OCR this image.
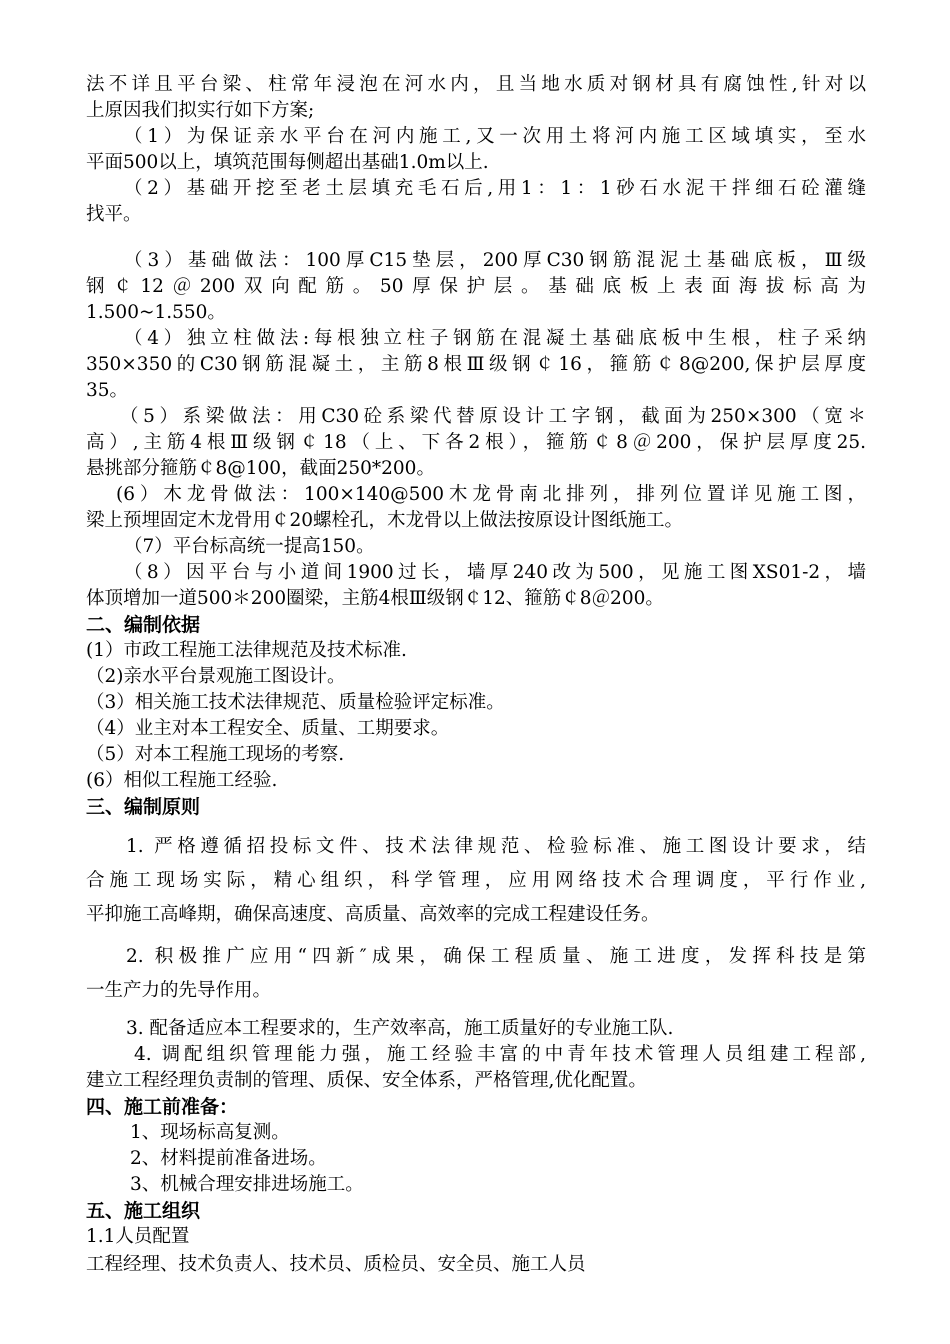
法不详且平台梁、柱常年浸泡在河水内，且当地水质对钢材具有腐蚀性,针对以
上原因我们拟实行如下方案;
（1）为保证亲水平台在河内施工,又一次用土将河内施工区域填实，至水
平面500以上，填筑范围每侧超出基础1.0m以上.
（2）基础开挖至老土层填充毛石后,用1：1：1砂石水泥干拌细石砼灌缝
找平。
（3）基础做法：100厚C15垫层，200厚C30钢筋混泥土基础底板，Ⅲ级
钢￠12＠200双向配筋。50厚保护层。基础底板上表面海拔标高为
1.500~1.550。
（4）独立柱做法:每根独立柱子钢筋在混凝土基础底板中生根，柱子采纳
350×350的C30钢筋混凝土，主筋8根Ⅲ级钢￠16，箍筋￠8@200,保护层厚度
35。
（5）系梁做法：用C30砼系梁代替原设计工字钢，截面为250×300（宽＊
高）,主筋4根Ⅲ级钢￠18（上、下各2根），箍筋￠8＠200，保护层厚度25.
悬挑部分箍筋￠8@100，截面250*200。
(6）木龙骨做法：100×140@500木龙骨南北排列，排列位置详见施工图，
梁上预埋固定木龙骨用￠20螺栓孔，木龙骨以上做法按原设计图纸施工。
（7）平台标高统一提高150。
（8）因平台与小道间1900过长，墙厚240改为500，见施工图XS01-2，墙
体顶增加一道500＊200圈梁，主筋4根Ⅲ级钢￠12、箍筋￠8＠200。
二、编制依据
(1）市政工程施工法律规范及技术标准.
（2)亲水平台景观施工图设计。
（3）相关施工技术法律规范、质量检验评定标准。
（4）业主对本工程安全、质量、工期要求。
（5）对本工程施工现场的考察.
(6）相似工程施工经验.
三、编制原则
1. 严格遵循招投标文件、技术法律规范、检验标准、施工图设计要求，结
合施工现场实际，精心组织，科学管理，应用网络技术合理调度，平行作业,
平抑施工高峰期，确保高速度、高质量、高效率的完成工程建设任务。
2. 积极推广应用“四新″成果，确保工程质量、施工进度，发挥科技是第
一生产力的先导作用。
3. 配备适应本工程要求的，生产效率高，施工质量好的专业施工队.
4. 调配组织管理能力强，施工经验丰富的中青年技术管理人员组建工程部,
建立工程经理负责制的管理、质保、安全体系，严格管理,优化配置。
四、施工前准备：
1、现场标高复测。
2、材料提前准备进场。
3、机械合理安排进场施工。
五、施工组织
1.1人员配置
工程经理、技术负责人、技术员、质检员、安全员、施工人员
